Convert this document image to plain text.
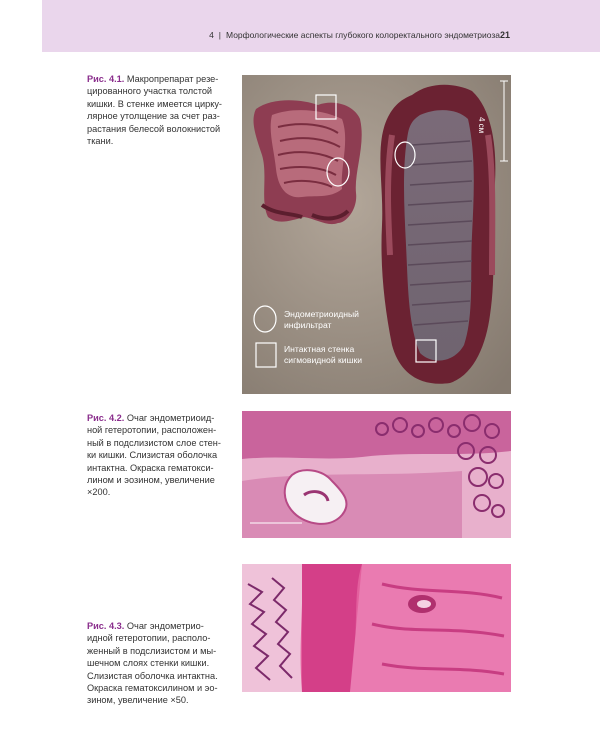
4 | Морфологические аспекты глубокого колоректального эндометриоза 21
Рис. 4.1. Макропрепарат резе-
цированного участка толстой
кишки. В стенке имеется цирку-
лярное утолщение за счет раз-
растания белесой волокнистой
ткани.
4 см
Эндометриоидный
инфильтрат
Интактная стенка
сигмовидной кишки
Рис. 4.2. Очаг эндометриоид-
ной гетеротопии, расположен-
ный в подслизистом слое стен-
ки кишки. Слизистая оболочка
интактна. Окраска гематокси-
лином и эозином, увеличение
×200.
Рис. 4.3. Очаг эндометрио-
идной гетеротопии, располо-
женный в подслизистом и мы-
шечном слоях стенки кишки.
Слизистая оболочка интактна.
Окраска гематоксилином и эо-
зином, увеличение ×50.
